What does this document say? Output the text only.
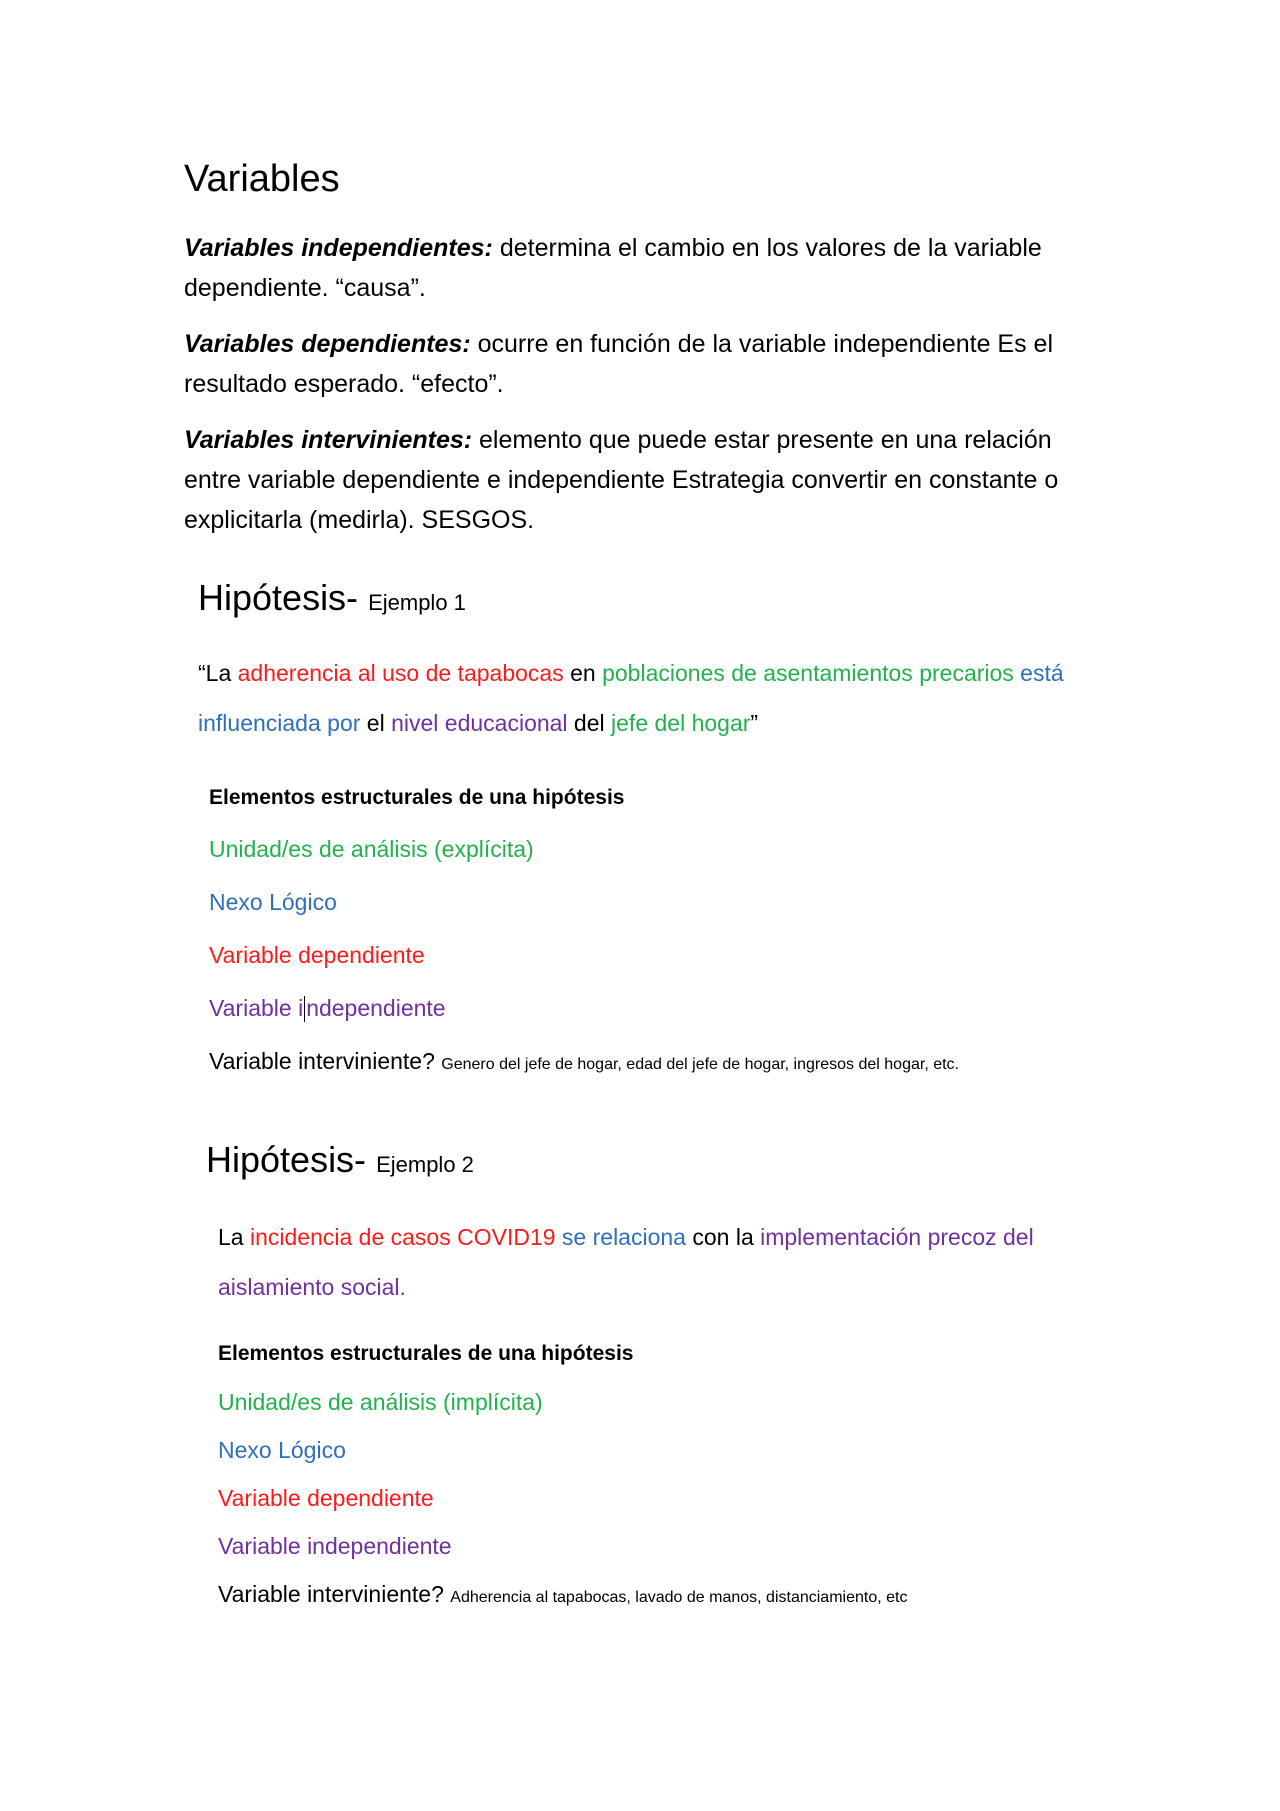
Variables
Variables independientes: determina el cambio en los valores de la variable dependiente. “causa”.
Variables dependientes: ocurre en función de la variable independiente Es el resultado esperado. “efecto”.
Variables intervinientes: elemento que puede estar presente en una relación entre variable dependiente e independiente Estrategia convertir en constante o explicitarla (medirla). SESGOS.
Hipótesis- Ejemplo 1
“La adherencia al uso de tapabocas en poblaciones de asentamientos precarios está influenciada por el nivel educacional del jefe del hogar”
Elementos estructurales de una hipótesis
Unidad/es de análisis (explícita)
Nexo Lógico
Variable dependiente
Variable i ndependiente
Variable interviniente? Genero del jefe de hogar, edad del jefe de hogar, ingresos del hogar, etc.
Hipótesis- Ejemplo 2
La incidencia de casos COVID19 se relaciona con la implementación precoz del aislamiento social.
Elementos estructurales de una hipótesis
Unidad/es de análisis (implícita)
Nexo Lógico
Variable dependiente
Variable independiente
Variable interviniente? Adherencia al tapabocas, lavado de manos, distanciamiento, etc
